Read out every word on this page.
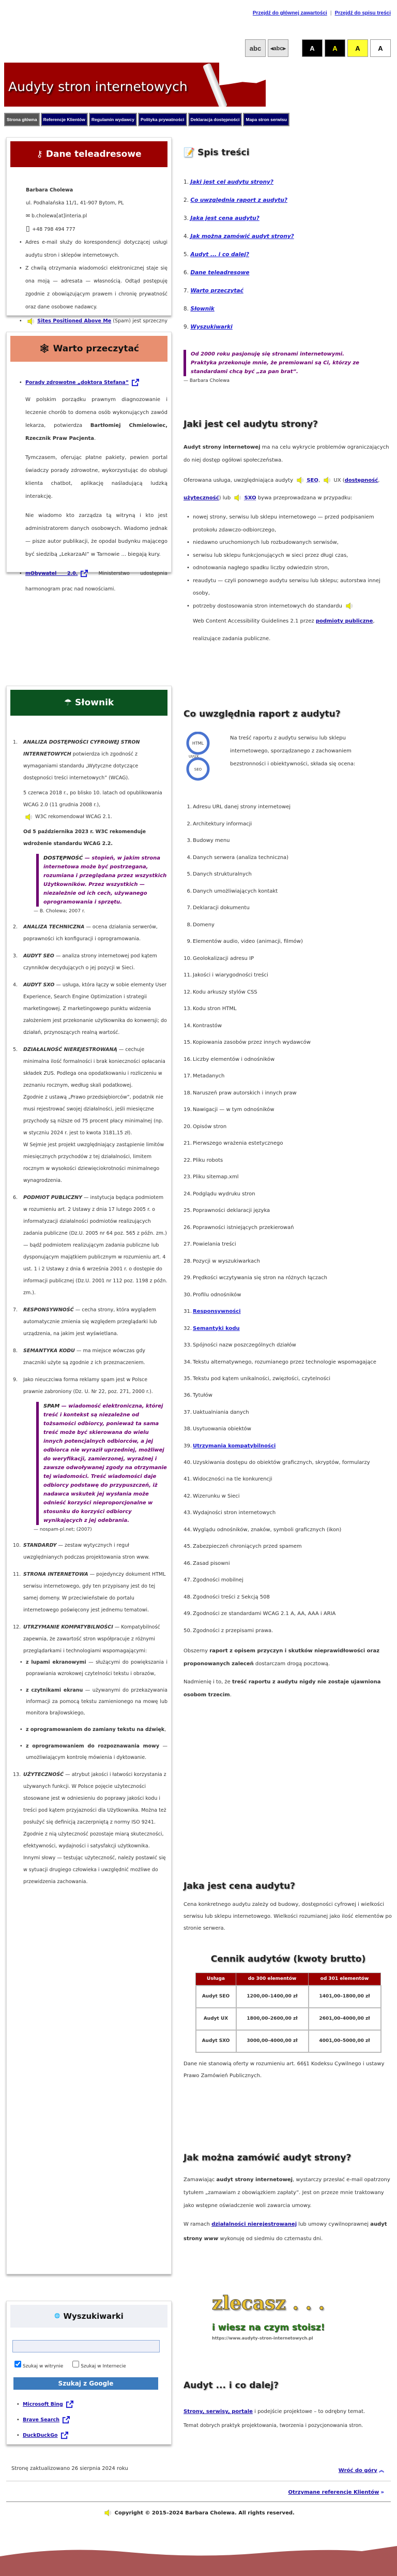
Przejdź do głównej zawartości | Przejdź do spisu treści
abc	◂abc▸	A	A	A	A
Audyty stron internetowych
Strona główna	Referencje Klientów	Regulamin wydawcy	Polityka prywatności	Deklaracja dostępności	Mapa stron serwisu
⚷ Dane teleadresowe
Barbara Cholewa
ul. Podhalańska 11/1, 41-907 Bytom, PL
✉ b.cholewa[at]interia.pl
▯ +48 798 494 777
• Adres e-mail służy do korespondencji dotyczącej usługi audytu stron i sklepów internetowych.
• Z chwilą otrzymania wiadomości elektronicznej staje się ona moją — adresata — własnością. Odtąd postępuję zgodnie z obowiązującym prawem i chronię prywatność oraz dane osobowe nadawcy.
• Sites Positioned Above Me (Spam) jest sprzeczny
🕸 Warto przeczytać
• Porady zdrowotne „doktora Stefana”

W polskim porządku prawnym diagnozowanie i leczenie chorób to domena osób wykonujących zawód lekarza, potwierdza Bartłomiej Chmielowiec, Rzecznik Praw Pacjenta.

Tymczasem, oferując płatne pakiety, pewien portal świadczy porady zdrowotne, wykorzystując do obsługi klienta chatbot, aplikację naśladującą ludzką interakcję.

Nie wiadomo kto zarządza tą witryną i kto jest administratorem danych osobowych. Wiadomo jednak — pisze autor publikacji, że opodal budynku mającego być siedzibą „LekarzaAI” w Tarnowie ... biegają kury.

• mObywatel 2.0.	Ministerstwo udostępnia harmonogram prac nad nowościami.
☂ Słownik
1. ANALIZA DOSTĘPNOŚCI CYFROWEJ STRON INTERNETOWYCH potwierdza ich zgodność z wymaganiami standardu „Wytyczne dotyczące dostępności treści internetowych” (WCAG).
5 czerwca 2018 r., po blisko 10. latach od opublikowania WCAG 2.0 (11 grudnia 2008 r.),
W3C rekomendował WCAG 2.1.
Od 5 października 2023 r. W3C rekomenduje wdrożenie standardu WCAG 2.2.
DOSTĘPNOŚĆ — stopień, w jakim strona internetowa może być postrzegana, rozumiana i przeglądana przez wszystkich Użytkowników. Przez wszystkich — niezależnie od ich cech, używanego oprogramowania i sprzętu.
— B. Cholewa; 2007 r.
2. ANALIZA TECHNICZNA — ocena działania serwerów, poprawności ich konfiguracji i oprogramowania.
3. AUDYT SEO — analiza strony internetowej pod kątem czynników decydujących o jej pozycji w Sieci.
4. AUDYT SXO — usługa, która łączy w sobie elementy User Experience, Search Engine Optimization i strategii marketingowej. Z marketingowego punktu widzenia założeniem jest przekonanie użytkownika do konwersji; do działań, przynoszących realną wartość.
5. DZIAŁALNOŚĆ NIEREJESTROWANĄ — cechuje minimalna ilość formalności i brak konieczności opłacania składek ZUS. Podlega ona opodatkowaniu i rozliczeniu w zeznaniu rocznym, według skali podatkowej.
Zgodnie z ustawą „Prawo przedsiębiorców”, podatnik nie musi rejestrować swojej działalności, jeśli miesięczne przychody są niższe od 75 procent płacy minimalnej (np. w styczniu 2024 r. jest to kwota 3181,15 zł).
W Sejmie jest projekt uwzględniający zastąpienie limitów miesięcznych przychodów z tej działalności, limitem rocznym w wysokości dziewięciokrotności minimalnego wynagrodzenia.
6. PODMIOT PUBLICZNY — instytucja będąca podmiotem w rozumieniu art. 2 Ustawy z dnia 17 lutego 2005 r. o informatyzacji działalności podmiotów realizujących zadania publiczne (Dz.U. 2005 nr 64 poz. 565 z późn. zm.) — bądź podmiotem realizującym zadania publiczne lub dysponującym majątkiem publicznym w rozumieniu art. 4 ust. 1 i 2 Ustawy z dnia 6 września 2001 r. o dostępie do informacji publicznej (Dz.U. 2001 nr 112 poz. 1198 z późn. zm.).
7. RESPONSYWNOŚĆ — cecha strony, która wyglądem automatycznie zmienia się względem przeglądarki lub urządzenia, na jakim jest wyświetlana.
8. SEMANTYKA KODU — ma miejsce wówczas gdy znaczniki użyte są zgodnie z ich przeznaczeniem.
9. Jako nieuczciwa forma reklamy spam jest w Polsce prawnie zabroniony (Dz. U. Nr 22, poz. 271, 2000 r.).
SPAM — wiadomość elektroniczna, której treść i kontekst są niezależne od tożsamości odbiorcy, ponieważ ta sama treść może być skierowana do wielu innych potencjalnych odbiorców, a jej odbiorca nie wyraził uprzedniej, możliwej do weryfikacji, zamierzonej, wyraźnej i zawsze odwoływanej zgody na otrzymanie tej wiadomości. Treść wiadomości daje odbiorcy podstawę do przypuszczeń, iż nadawca wskutek jej wysłania może odnieść korzyści nieproporcjonalne w stosunku do korzyści odbiorcy wynikających z jej odebrania.
— nospam-pl.net; (2007)
10. STANDARDY — zestaw wytycznych i reguł uwzględnianych podczas projektowania stron www.
11. STRONA INTERNETOWA — pojedynczy dokument HTML serwisu internetowego, gdy ten przypisany jest do tej samej domeny. W przeciwieństwie do portalu internetowego poświęcony jest jednemu tematowi.
12. UTRZYMANIE KOMPATYBILNOŚCI — Kompatybilność zapewnia, że zawartość stron współpracuje z różnymi przeglądarkami i technologiami wspomagającymi:
• z lupami ekranowymi — służącymi do powiększania i poprawiania wzrokowej czytelności tekstu i obrazów,
• z czytnikami ekranu — używanymi do przekazywania informacji za pomocą tekstu zamienionego na mowę lub monitora brajlowskiego,
• z oprogramowaniem do zamiany tekstu na dźwięk,
• z oprogramowaniem do rozpoznawania mowy — umożliwiającym kontrolę mówienia i dyktowanie.
13. UŻYTECZNOŚĆ — atrybut jakości i łatwości korzystania z używanych funkcji. W Polsce pojęcie użyteczności stosowane jest w odniesieniu do poprawy jakości kodu i treści pod kątem przyjazności dla Użytkownika. Można też posłużyć się definicją zaczerpniętą z normy ISO 9241. Zgodnie z nią użyteczność pozostaje miarą skuteczności, efektywności, wydajności i satysfakcji użytkownika. Innymi słowy — testując użyteczność, należy postawić się w sytuacji drugiego człowieka i uwzględnić możliwe do przewidzenia zachowania.
🌐 Wyszukiwarki
Szukaj w witrynie	Szukaj w Internecie
Szukaj z Google
• Microsoft Bing
• Brave Search
• DuckDuckGo
📝 Spis treści
1. Jaki jest cel audytu strony?
2. Co uwzględnia raport z audytu?
3. Jaka jest cena audytu?
4. Jak można zamówić audyt strony?
5. Audyt ... i co dalej?
6. Dane teleadresowe
7. Warto przeczytać
8. Słownik
9. Wyszukiwarki
Od 2000 roku pasjonuję się stronami internetowymi. Praktyka przekonuje mnie, że premiowani są Ci, którzy ze standardami chcą być „za pan brat”.
— Barbara Cholewa
Jaki jest cel audytu strony?

Audyt strony internetowej ma na celu wykrycie problemów ograniczających do niej dostęp ogółowi społeczeństwa.

Oferowana usługa, uwzględniająca audyty	SEO,  UX (dostępność, użyteczność) lub	SXO bywa przeprowadzana w przypadku:

• nowej strony, serwisu lub sklepu internetowego — przed podpisaniem protokołu zdawczo-odbiorczego,
• niedawno uruchomionych lub rozbudowanych serwisów,
• serwisu lub sklepu funkcjonujących w sieci przez długi czas,
• odnotowania nagłego spadku liczby odwiedzin stron,
• reaudytu — czyli ponownego audytu serwisu lub sklepu; autorstwa innej osoby,
• potrzeby dostosowania stron internetowych do standardu

Web Content Accessibility Guidelines 2.1 przez podmioty publiczne, realizujące zadania publiczne.

Co uwzględnia raport z audytu?
HTML
UI/UX
SEO

Na treść raportu z audytu serwisu lub sklepu internetowego, sporządzanego z zachowaniem bezstronności i obiektywności, składa się ocena:

1. Adresu URL danej strony internetowej
2. Architektury informacji
3. Budowy menu
4. Danych serwera (analiza techniczna)
5. Danych strukturalnych
6. Danych umożliwiających kontakt
7. Deklaracji dokumentu
8. Domeny
9. Elementów audio, video (animacji, filmów)
10. Geolokalizacji adresu IP
11. Jakości i wiarygodności treści
12. Kodu arkuszy stylów CSS
13. Kodu stron HTML
14. Kontrastów
15. Kopiowania zasobów przez innych wydawców
16. Liczby elementów i odnośników
17. Metadanych
18. Naruszeń praw autorskich i innych praw
19. Nawigacji — w tym odnośników
20. Opisów stron
21. Pierwszego wrażenia estetycznego
22. Pliku robots
23. Pliku sitemap.xml
24. Podglądu wydruku stron
25. Poprawności deklaracji języka
26. Poprawności istniejących przekierowań
27. Powielania treści
28. Pozycji w wyszukiwarkach
29. Prędkości wczytywania się stron na różnych łączach
30. Profilu odnośników
31. Responsywności
32. Semantyki kodu
33. Spójności nazw poszczególnych działów
34. Tekstu alternatywnego, rozumianego przez technologie wspomagające
35. Tekstu pod kątem unikalności, zwięzłości, czytelności
36. Tytułów
37. Uaktualniania danych
38. Usytuowania obiektów
39. Utrzymania kompatybilności
40. Uzyskiwania dostępu do obiektów graficznych, skryptów, formularzy
41. Widoczności na tle konkurencji
42. Wizerunku w Sieci
43. Wydajności stron internetowych
44. Wyglądu odnośników, znaków, symboli graficznych (ikon)
45. Zabezpieczeń chroniących przed spamem
46. Zasad pisowni
47. Zgodności mobilnej
48. Zgodności treści z Sekcją 508
49. Zgodności ze standardami WCAG 2.1 A, AA, AAA i ARIA
50. Zgodności z przepisami prawa.

Obszerny raport z opisem przyczyn i skutków nieprawidłowości oraz proponowanych zaleceń dostarczam drogą pocztową.

Nadmienię i to, że treść raportu z audytu nigdy nie zostaje ujawniona osobom trzecim.

Jaka jest cena audytu?

Cena konkretnego audytu zależy od budowy, dostępności cyfrowej i wielkości serwisu lub sklepu internetowego. Wielkości rozumianej jako ilość elementów po stronie serwera.

Cennik audytów (kwoty brutto)
Usługa	do 300 elementów	od 301 elementów
Audyt SEO	1200,00–1400,00 zł	1401,00–1800,00 zł
Audyt UX	1800,00–2600,00 zł	2601,00–4000,00 zł
Audyt SXO	3000,00–4000,00 zł	4001,00–5000,00 zł

Dane nie stanowią oferty w rozumieniu art. 66§1 Kodeksu Cywilnego i ustawy Prawo Zamówień Publicznych.

Jak można zamówić audyt strony?

Zamawiając audyt strony internetowej, wystarczy przesłać e-mail opatrzony tytułem „zamawiam z obowiązkiem zapłaty”. Jest on przeze mnie traktowany jako wstępne oświadczenie woli zawarcia umowy.

W ramach działalności nierejestrowanej lub umowy cywilnoprawnej audyt strony www wykonuję od siedmiu do czternastu dni.

zlecasz . . .
i wiesz na czym stoisz!
https://www.audyty-stron-internetowych.pl
Audyt ... i co dalej?

Strony, serwisy, portale i podejście projektowe – to odrębny temat.

Temat dobrych praktyk projektowania, tworzenia i pozycjonowania stron.

Stronę zaktualizowano 26 sierpnia 2024 roku	Wróć do góry ︽
Otrzymane referencje Klientów »
Copyright © 2015–2024 Barbara Cholewa. All rights reserved.
